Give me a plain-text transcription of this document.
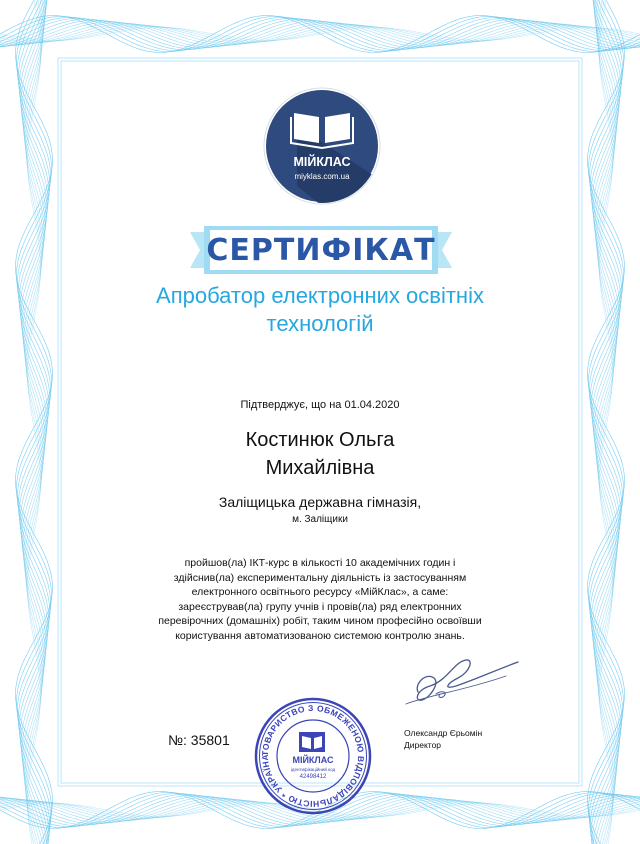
МІЙКЛАС
miyklas.com.ua
СЕРТИФІКАТ
Апробатор електронних освітніх
технологій
Підтверджує, що на 01.04.2020
Костинюк Ольга
Михайлівна
Заліщицька державна гімназія,
м. Заліщики
пройшов(ла) ІКТ-курс в кількості 10 академічних годин і
здійснив(ла) експериментальну діяльність із застосуванням
електронного освітнього ресурсу «МійКлас», а саме:
зареєстрував(ла) групу учнів і провів(ла) ряд електронних
перевірочних (домашніх) робіт, таким чином професійно освоївши
користування автоматизованою системою контролю знань.
Олександр Єрьомін
Директор
№: 35801
ТОВАРИСТВО З ОБМЕЖЕНОЮ ВІДПОВІДАЛЬНІСТЮ * УКРАЇНА	МІЙКЛАС
ідентифікаційний код
42498412
